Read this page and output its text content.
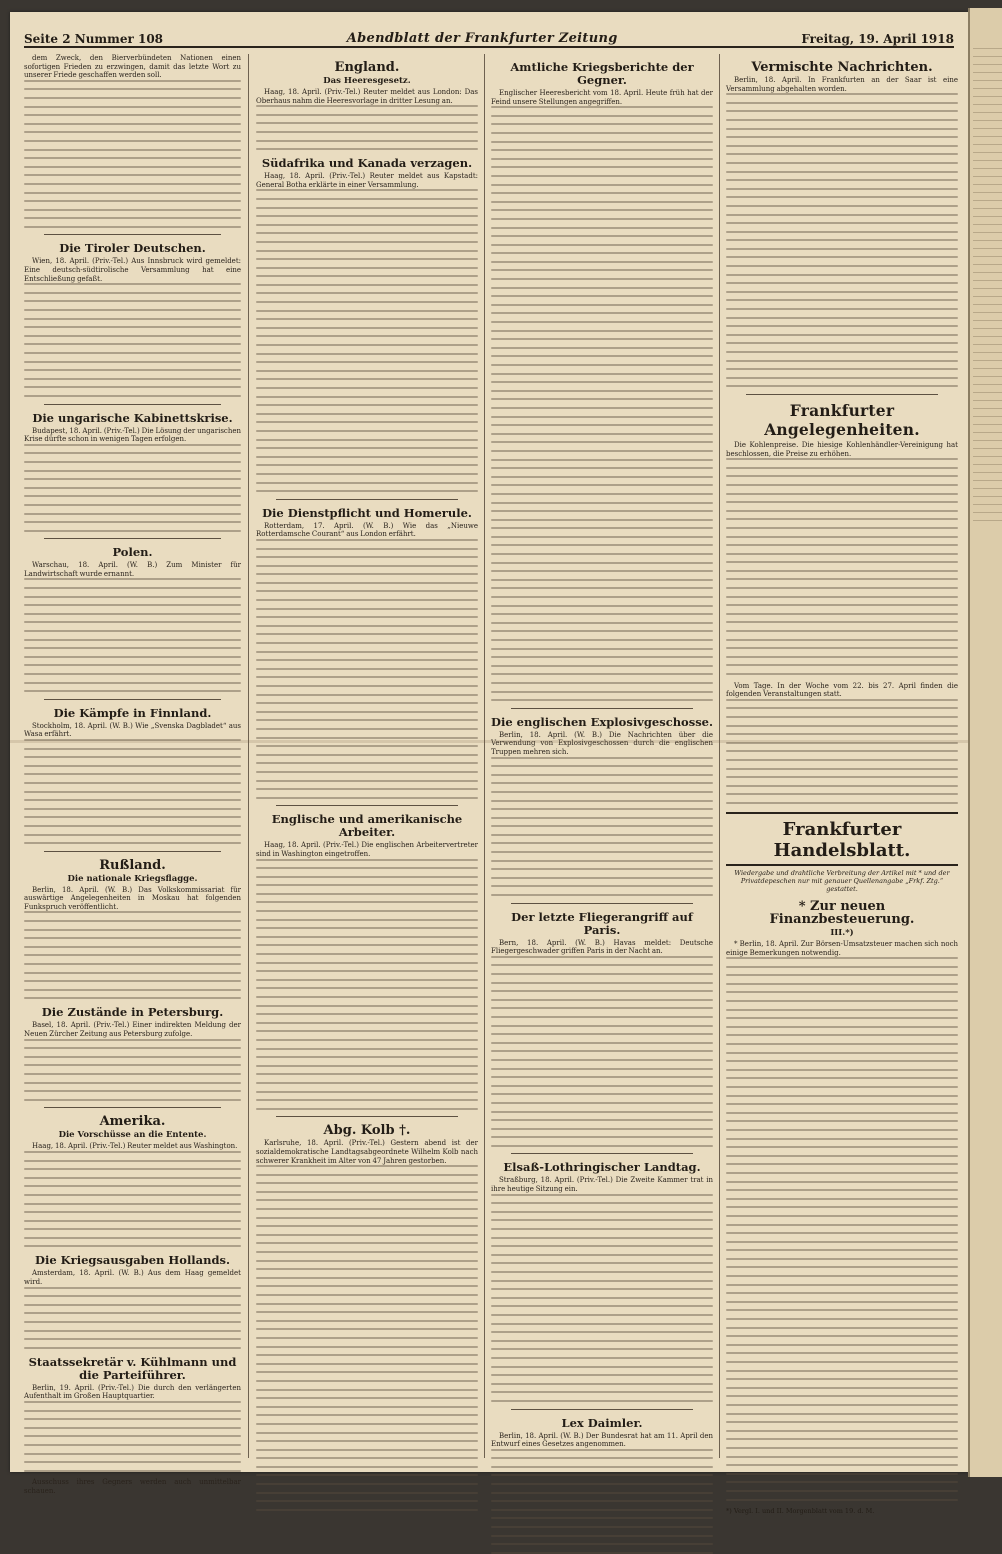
Seite 2 Nummer 108	Abendblatt der Frankfurter Zeitung	Freitag, 19. April 1918

dem Zweck, den Bierverbündeten Nationen einen sofortigen Frieden zu erzwingen, damit das letzte Wort zu unserer Friede geschaffen werden soll.

Die Tiroler Deutschen.

Wien, 18. April. (Priv.-Tel.) Aus Innsbruck wird gemeldet: Eine deutsch-südtirolische Versammlung hat eine Entschließung gefaßt.

Die ungarische Kabinettskrise.

Budapest, 18. April. (Priv.-Tel.) Die Lösung der ungarischen Krise dürfte schon in wenigen Tagen erfolgen.

Polen.

Warschau, 18. April. (W. B.) Zum Minister für Landwirtschaft wurde ernannt.

Die Kämpfe in Finnland.

Stockholm, 18. April. (W. B.) Wie „Svenska Dagbladet“ aus Wasa erfährt.

Rußland.
Die nationale Kriegsflagge.

Berlin, 18. April. (W. B.) Das Volkskommissariat für auswärtige Angelegenheiten in Moskau hat folgenden Funkspruch veröffentlicht.

Die Zustände in Petersburg.

Basel, 18. April. (Priv.-Tel.) Einer indirekten Meldung der Neuen Zürcher Zeitung aus Petersburg zufolge.

Amerika.
Die Vorschüsse an die Entente.

Haag, 18. April. (Priv.-Tel.) Reuter meldet aus Washington.

Die Kriegsausgaben Hollands.

Amsterdam, 18. April. (W. B.) Aus dem Haag gemeldet wird.

Staatssekretär v. Kühlmann und die Parteiführer.

Berlin, 19. April. (Priv.-Tel.) Die durch den verlängerten Aufenthalt im Großen Hauptquartier.

Ausschuss ihres Gegners werden auch unmittelbar schauen.

England.
Das Heeresgesetz.

Haag, 18. April. (Priv.-Tel.) Reuter meldet aus London: Das Oberhaus nahm die Heeresvorlage in dritter Lesung an.

Südafrika und Kanada verzagen.

Haag, 18. April. (Priv.-Tel.) Reuter meldet aus Kapstadt: General Botha erklärte in einer Versammlung.

Die Dienstpflicht und Homerule.

Rotterdam, 17. April. (W. B.) Wie das „Nieuwe Rotterdamsche Courant“ aus London erfährt.

Englische und amerikanische Arbeiter.

Haag, 18. April. (Priv.-Tel.) Die englischen Arbeitervertreter sind in Washington eingetroffen.

Abg. Kolb †.

Karlsruhe, 18. April. (Priv.-Tel.) Gestern abend ist der sozialdemokratische Landtagsabgeordnete Wilhelm Kolb nach schwerer Krankheit im Alter von 47 Jahren gestorben.

Amtliche Kriegsberichte der Gegner.

Englischer Heeresbericht vom 18. April. Heute früh hat der Feind unsere Stellungen angegriffen.

Die englischen Explosivgeschosse.

Berlin, 18. April. (W. B.) Die Nachrichten über die Verwendung von Explosivgeschossen durch die englischen Truppen mehren sich.

Der letzte Fliegerangriff auf Paris.

Bern, 18. April. (W. B.) Havas meldet: Deutsche Fliegergeschwader griffen Paris in der Nacht an.

Elsaß-Lothringischer Landtag.

Straßburg, 18. April. (Priv.-Tel.) Die Zweite Kammer trat in ihre heutige Sitzung ein.

Lex Daimler.

Berlin, 18. April. (W. B.) Der Bundesrat hat am 11. April den Entwurf eines Gesetzes angenommen.

Vermischte Nachrichten.

Berlin, 18. April. In Frankfurten an der Saar ist eine Versammlung abgehalten worden.

Frankfurter Angelegenheiten.

Die Kohlenpreise. Die hiesige Kohlenhändler-Vereinigung hat beschlossen, die Preise zu erhöhen.

Vom Tage. In der Woche vom 22. bis 27. April finden die folgenden Veranstaltungen statt.

Frankfurter Handelsblatt.
Wiedergabe und drahtliche Verbreitung der Artikel mit * und der Privatdepeschen nur mit genauer Quellenangabe „Frkf. Ztg.“ gestattet.
* Zur neuen Finanzbesteuerung.
III.*)

* Berlin, 18. April. Zur Börsen-Umsatzsteuer machen sich noch einige Bemerkungen notwendig.

*) Vergl. I. und II. Morgenblatt vom 19. d. M.
